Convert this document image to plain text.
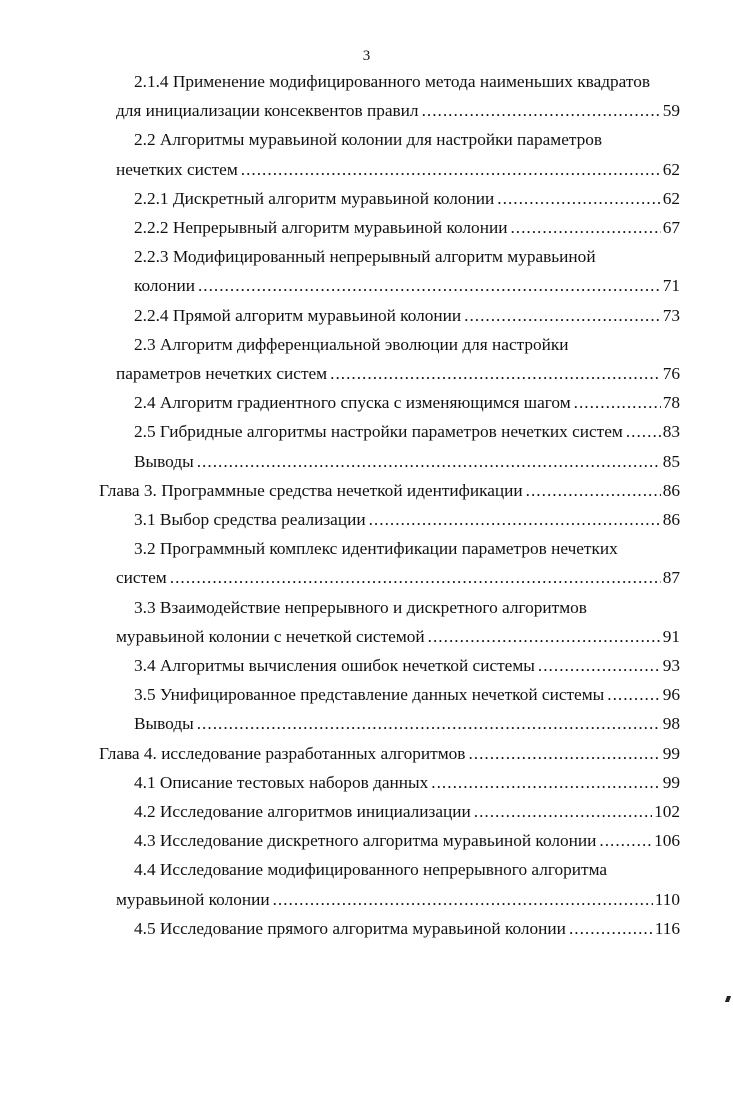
3
2.1.4 Применение модифицированного метода наименьших квадратов
для инициализации консеквентов правил .....	59
2.2 Алгоритмы муравьиной колонии для настройки параметров
нечетких систем .....	62
2.2.1 Дискретный алгоритм муравьиной колонии .....	62
2.2.2 Непрерывный алгоритм муравьиной колонии .....	67
2.2.3 Модифицированный непрерывный алгоритм муравьиной
колонии .....	71
2.2.4 Прямой алгоритм муравьиной колонии .....	73
2.3 Алгоритм дифференциальной эволюции для настройки
параметров нечетких систем .....	76
2.4 Алгоритм градиентного спуска с изменяющимся шагом .....	78
2.5 Гибридные алгоритмы настройки параметров нечетких систем ..... 83
Выводы .....	85
Глава 3. Программные средства нечеткой идентификации .....	86
3.1 Выбор средства реализации .....	86
3.2 Программный комплекс идентификации параметров нечетких
систем .....	87
3.3 Взаимодействие непрерывного и дискретного алгоритмов
муравьиной колонии с нечеткой системой .....	91
3.4 Алгоритмы вычисления ошибок нечеткой системы .....	93
3.5 Унифицированное представление данных нечеткой системы .....	96
Выводы .....	98
Глава 4. исследование разработанных алгоритмов .....	99
4.1 Описание тестовых наборов данных .....	99
4.2 Исследование алгоритмов инициализации .....	102
4.3 Исследование дискретного алгоритма муравьиной колонии .....	106
4.4 Исследование модифицированного непрерывного алгоритма
муравьиной колонии .....	110
4.5 Исследование прямого алгоритма муравьиной колонии .....	116
